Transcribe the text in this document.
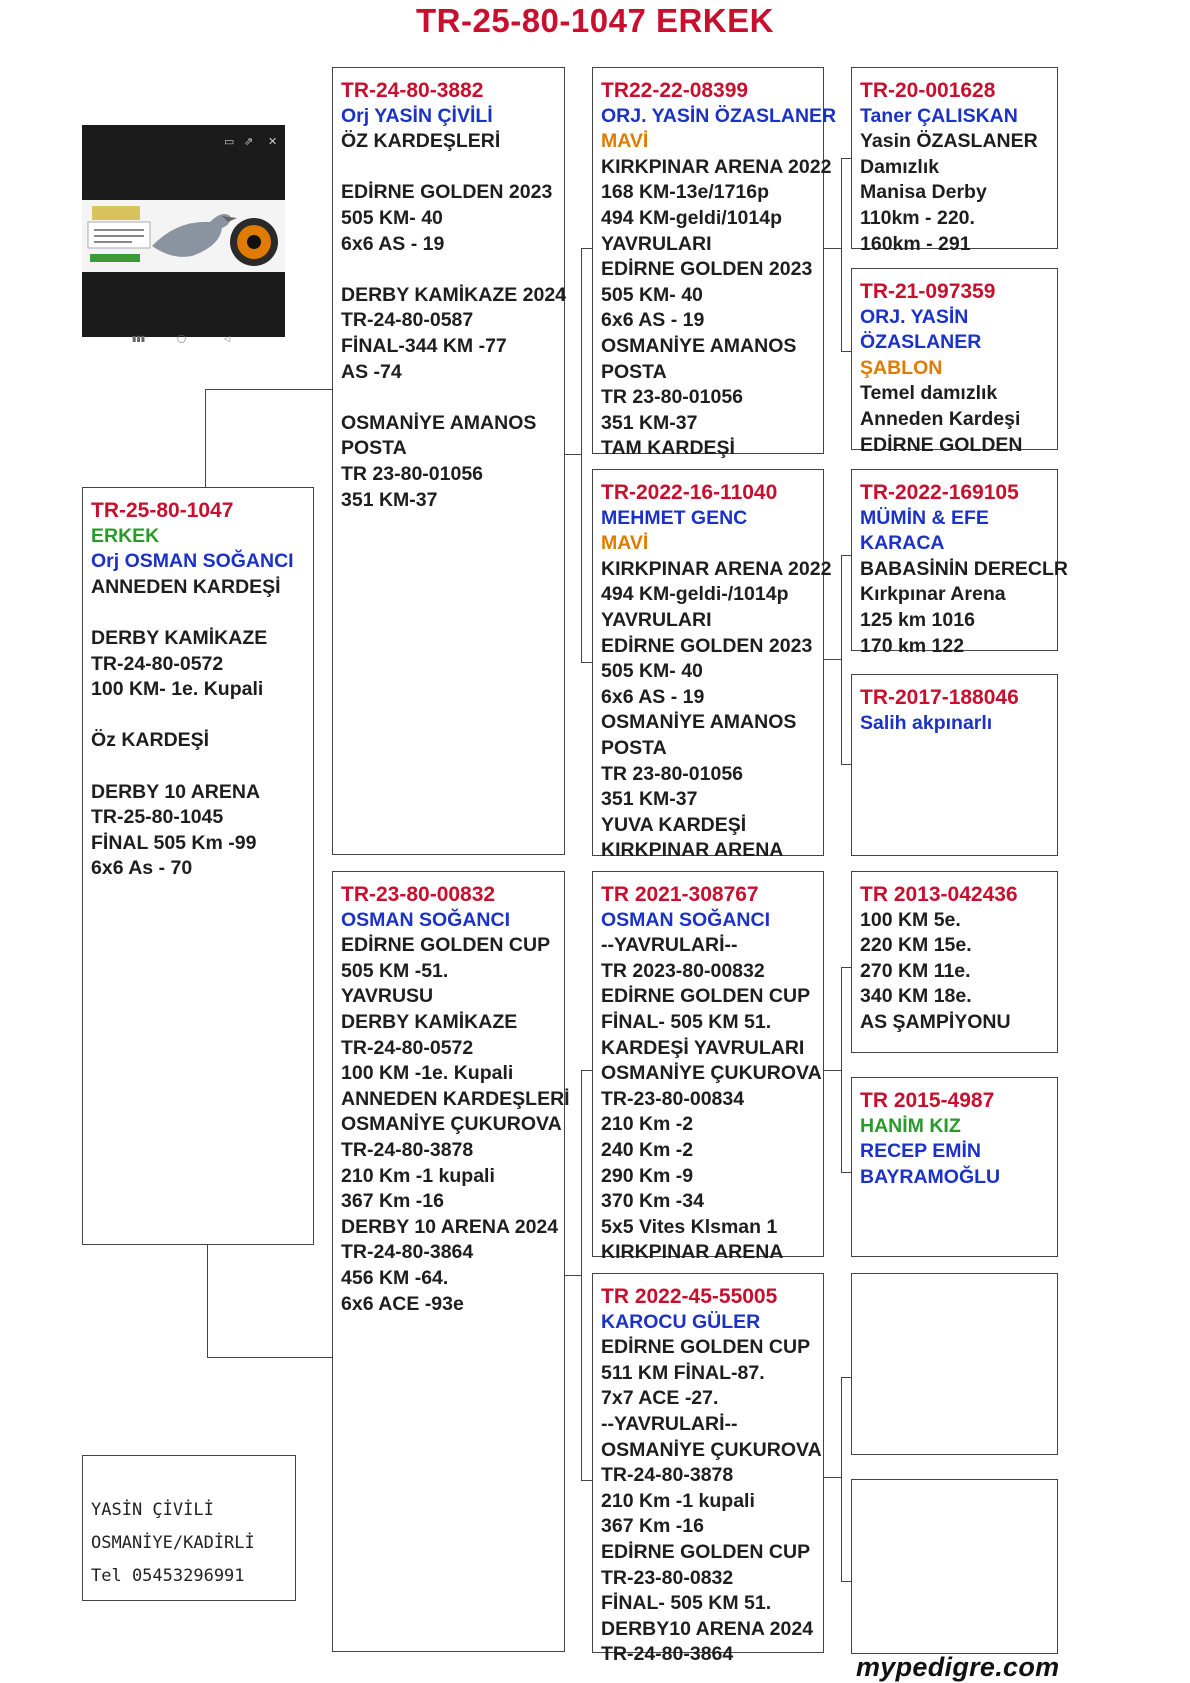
TR-25-80-1047 ERKEK
▭ ⇗ ✕
▮▮▮	◯	◁
TR-25-80-1047
ERKEK
Orj OSMAN SOĞANCI
ANNEDEN KARDEŞİ
DERBY KAMİKAZE
TR-24-80-0572
100 KM- 1e. Kupali
Öz KARDEŞİ
DERBY 10 ARENA
TR-25-80-1045
FİNAL 505 Km -99
6x6 As - 70
TR-24-80-3882
Orj YASİN ÇİVİLİ
ÖZ KARDEŞLERİ
EDİRNE GOLDEN 2023
505 KM- 40
6x6 AS - 19
DERBY KAMİKAZE 2024
TR-24-80-0587
FİNAL-344 KM -77
AS -74
OSMANİYE AMANOS
POSTA
TR 23-80-01056
351 KM-37
TR-23-80-00832
OSMAN SOĞANCI
EDİRNE GOLDEN CUP
505 KM -51.
YAVRUSU
DERBY KAMİKAZE
TR-24-80-0572
100 KM -1e. Kupali
ANNEDEN KARDEŞLERİ
OSMANİYE ÇUKUROVA
TR-24-80-3878
210 Km -1 kupali
367 Km -16
DERBY 10 ARENA 2024
TR-24-80-3864
456 KM -64.
6x6 ACE -93e
TR22-22-08399
ORJ. YASİN ÖZASLANER
MAVİ
KIRKPINAR ARENA 2022
168 KM-13e/1716p
494 KM-geldi/1014p
YAVRULARI
EDİRNE GOLDEN 2023
505 KM- 40
6x6 AS - 19
OSMANİYE AMANOS
POSTA
TR 23-80-01056
351 KM-37
TAM KARDEŞİ
TR-2022-16-11040
MEHMET GENC
MAVİ
KIRKPINAR ARENA 2022
494 KM-geldi-/1014p
YAVRULARI
EDİRNE GOLDEN 2023
505 KM- 40
6x6 AS - 19
OSMANİYE AMANOS
POSTA
TR 23-80-01056
351 KM-37
YUVA KARDEŞİ
KIRKPINAR ARENA
TR 2021-308767
OSMAN SOĞANCI
--YAVRULARİ--
TR 2023-80-00832
EDİRNE GOLDEN CUP
FİNAL- 505 KM 51.
KARDEŞİ YAVRULARI
OSMANİYE ÇUKUROVA
TR-23-80-00834
210 Km -2
240 Km -2
290 Km -9
370 Km -34
5x5 Vites Klsman 1
KIRKPINAR ARENA
TR 2022-45-55005
KAROCU GÜLER
EDİRNE GOLDEN CUP
511 KM FİNAL-87.
7x7 ACE -27.
--YAVRULARİ--
OSMANİYE ÇUKUROVA
TR-24-80-3878
210 Km -1 kupali
367 Km -16
EDİRNE GOLDEN CUP
TR-23-80-0832
FİNAL- 505 KM 51.
DERBY10 ARENA 2024
TR-24-80-3864
TR-20-001628
Taner ÇALISKAN
Yasin ÖZASLANER
Damızlık
Manisa Derby
110km - 220.
160km - 291
TR-21-097359
ORJ. YASİN
ÖZASLANER
ŞABLON
Temel damızlık
Anneden Kardeşi
EDİRNE GOLDEN
TR-2022-169105
MÜMİN & EFE
KARACA
BABASİNİN DERECLR
Kırkpınar Arena
125 km 1016
170 km 122
TR-2017-188046
Salih akpınarlı
TR 2013-042436
100 KM 5e.
220 KM 15e.
270 KM 11e.
340 KM 18e.
AS ŞAMPİYONU
TR 2015-4987
HANİM KIZ
RECEP EMİN
BAYRAMOĞLU
YASİN ÇİVİLİ
OSMANİYE/KADİRLİ
Tel 05453296991
mypedigre.com
